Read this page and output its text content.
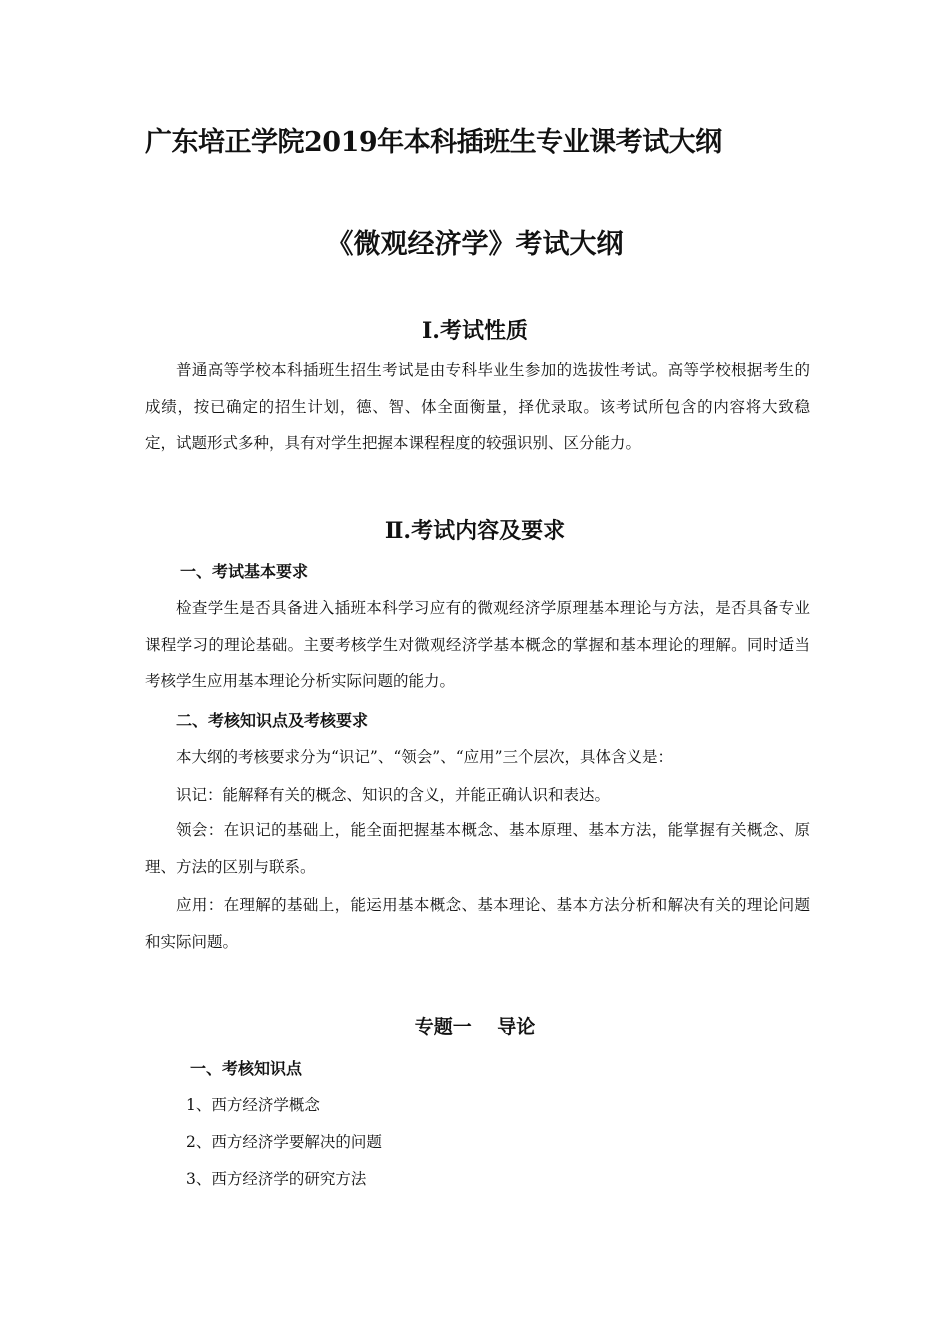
广东培正学院2019年本科插班生专业课考试大纲
《微观经济学》考试大纲
Ⅰ.考试性质
普通高等学校本科插班生招生考试是由专科毕业生参加的选拔性考试。高等学校根据考生的成绩，按已确定的招生计划，德、智、体全面衡量，择优录取。该考试所包含的内容将大致稳定，试题形式多种，具有对学生把握本课程程度的较强识别、区分能力。
Ⅱ.考试内容及要求
一、考试基本要求
检查学生是否具备进入插班本科学习应有的微观经济学原理基本理论与方法，是否具备专业课程学习的理论基础。主要考核学生对微观经济学基本概念的掌握和基本理论的理解。同时适当考核学生应用基本理论分析实际问题的能力。
二、考核知识点及考核要求
本大纲的考核要求分为“识记”、“领会”、“应用”三个层次，具体含义是：
识记：能解释有关的概念、知识的含义，并能正确认识和表达。
领会：在识记的基础上，能全面把握基本概念、基本原理、基本方法，能掌握有关概念、原理、方法的区别与联系。
应用：在理解的基础上，能运用基本概念、基本理论、基本方法分析和解决有关的理论问题和实际问题。
专题一　 导论
一、考核知识点
1、西方经济学概念
2、西方经济学要解决的问题
3、西方经济学的研究方法
